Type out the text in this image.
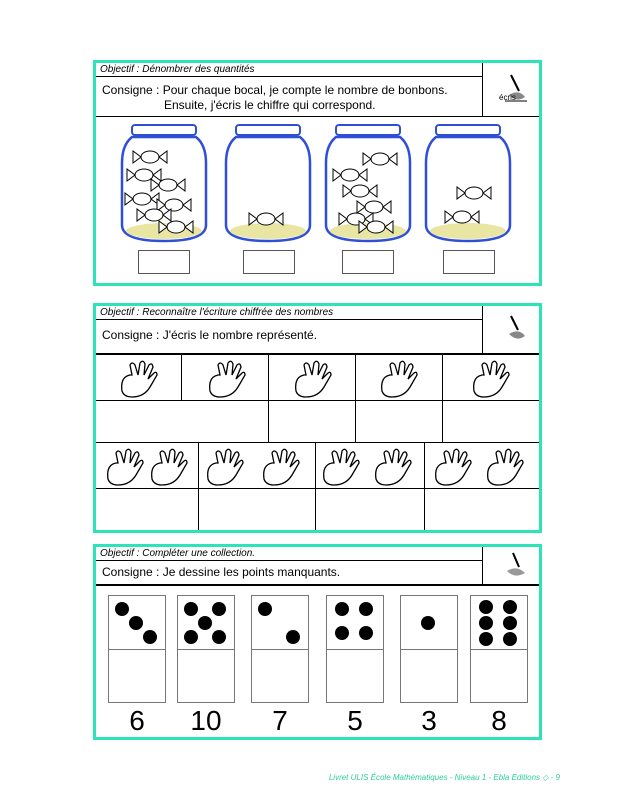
Objectif : Dénombrer des quantités
Consigne : Pour chaque bocal, je compte le nombre de bonbons.
Ensuite, j'écris le chiffre qui correspond.
écris
Objectif : Reconnaître l'écriture chiffrée des nombres
Consigne : J'écris le nombre représenté.
Objectif : Compléter une collection.
Consigne : Je dessine les points manquants.
6	10	7	5	3	8
Livret ULIS École Mathématiques - Niveau 1 - Ebla Editions ◇ - 9
